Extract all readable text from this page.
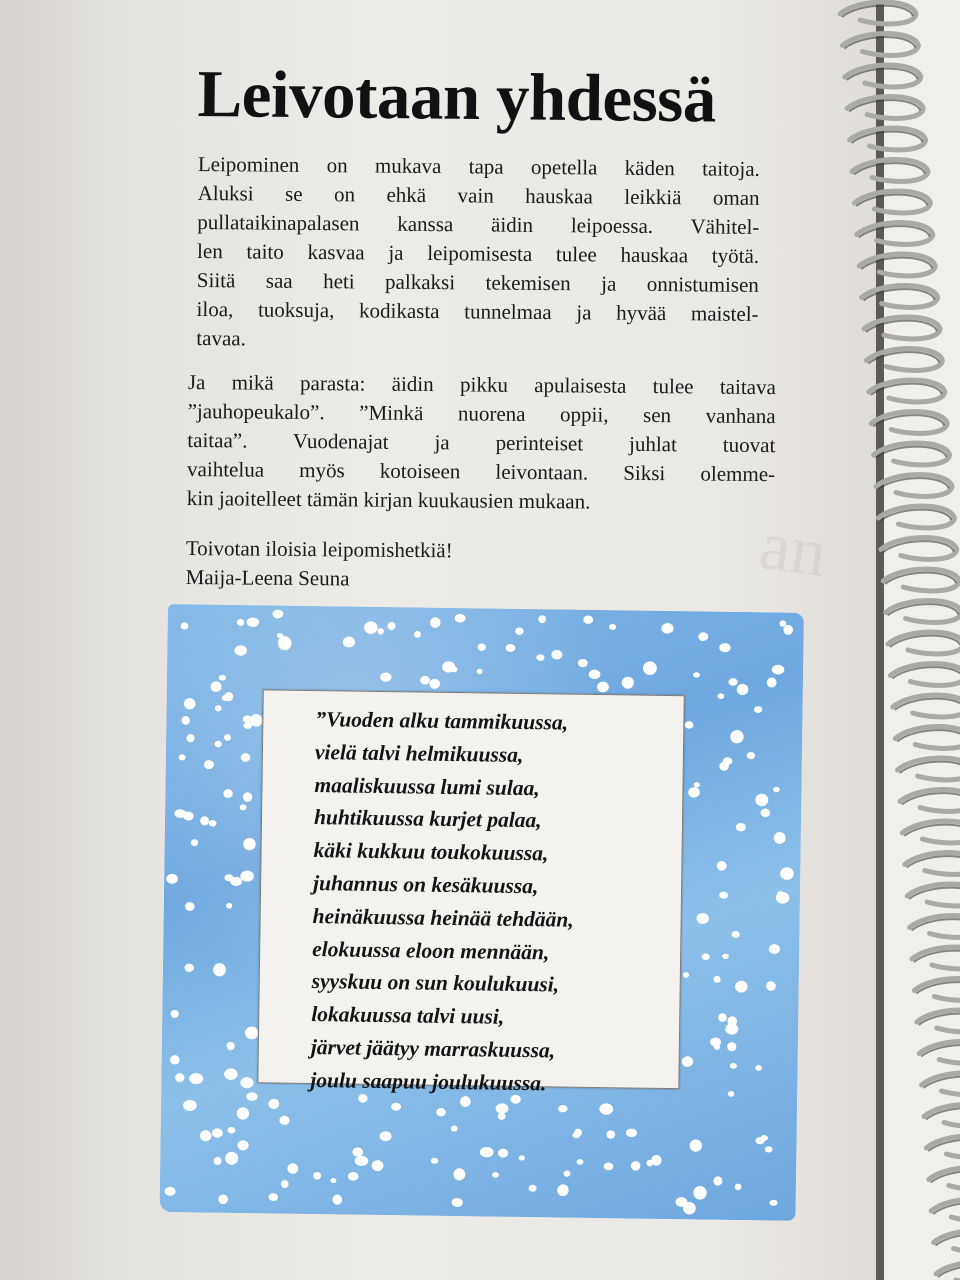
an
Leivotaan yhdessä
Leipominen on mukava tapa opetella käden taitoja.
Aluksi se on ehkä vain hauskaa leikkiä oman
pullataikinapalasen kanssa äidin leipoessa. Vähitel-
len taito kasvaa ja leipomisesta tulee hauskaa työtä.
Siitä saa heti palkaksi tekemisen ja onnistumisen
iloa, tuoksuja, kodikasta tunnelmaa ja hyvää maistel-
tavaa.
Ja mikä parasta: äidin pikku apulaisesta tulee taitava
”jauhopeukalo”. ”Minkä nuorena oppii, sen vanhana
taitaa”. Vuodenajat ja perinteiset juhlat tuovat
vaihtelua myös kotoiseen leivontaan. Siksi olemme-
kin jaoitelleet tämän kirjan kuukausien mukaan.
Toivotan iloisia leipomishetkiä!
Maija-Leena Seuna
”Vuoden alku tammikuussa,
vielä talvi helmikuussa,
maaliskuussa lumi sulaa,
huhtikuussa kurjet palaa,
käki kukkuu toukokuussa,
juhannus on kesäkuussa,
heinäkuussa heinää tehdään,
elokuussa eloon mennään,
syyskuu on sun koulukuusi,
lokakuussa talvi uusi,
järvet jäätyy marraskuussa,
joulu saapuu joulukuussa.
